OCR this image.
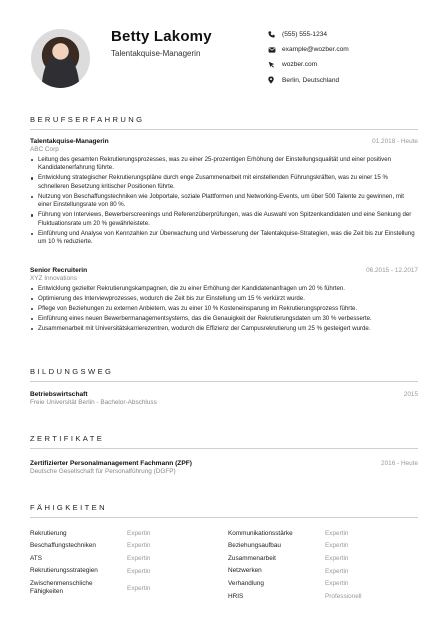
Betty Lakomy
Talentakquise-Managerin
(555) 555-1234
example@wozber.com
wozber.com
Berlin, Deutschland
BERUFSERFAHRUNG
Talentakquise-Managerin	01.2018 - Heute
ABC Corp
Leitung des gesamten Rekrutierungsprozesses, was zu einer 25-prozentigen Erhöhung der Einstellungsqualität und einer positiven Kandidatenerfahrung führte.
Entwicklung strategischer Rekrutierungspläne durch enge Zusammenarbeit mit einstellenden Führungskräften, was zu einer 15 % schnelleren Besetzung kritischer Positionen führte.
Nutzung von Beschaffungstechniken wie Jobportale, soziale Plattformen und Networking-Events, um über 500 Talente zu gewinnen, mit einer Einstellungsrate von 80 %.
Führung von Interviews, Bewerberscreenings und Referenzüberprüfungen, was die Auswahl von Spitzenkandidaten und eine Senkung der Fluktuationsrate um 20 % gewährleistete.
Einführung und Analyse von Kennzahlen zur Überwachung und Verbesserung der Talentakquise-Strategien, was die Zeit bis zur Einstellung um 10 % reduzierte.
Senior Recruiterin	06.2015 - 12.2017
XYZ Innovations
Entwicklung gezielter Rekrutierungskampagnen, die zu einer Erhöhung der Kandidatenanfragen um 20 % führten.
Optimierung des Interviewprozesses, wodurch die Zeit bis zur Einstellung um 15 % verkürzt wurde.
Pflege von Beziehungen zu externen Anbietern, was zu einer 10 % Kosteneinsparung im Rekrutierungsprozess führte.
Einführung eines neuen Bewerbermanagementsystems, das die Genauigkeit der Rekrutierungsdaten um 30 % verbesserte.
Zusammenarbeit mit Universitätskarrierezentren, wodurch die Effizienz der Campusrekrutierung um 25 % gesteigert wurde.
BILDUNGSWEG
Betriebswirtschaft	2015
Freie Universität Berlin - Bachelor-Abschluss
ZERTIFIKATE
Zertifizierter Personalmanagement Fachmann (ZPF)	2016 - Heute
Deutsche Gesellschaft für Personalführung (DGFP)
FÄHIGKEITEN
Rekrutierung	Expertin
Beschaffungstechniken	Expertin
ATS	Expertin
Rekrutierungsstrategien	Expertin
Zwischenmenschliche Fähigkeiten	Expertin
Kommunikationsstärke	Expertin
Beziehungsaufbau	Expertin
Zusammenarbeit	Expertin
Netzwerken	Expertin
Verhandlung	Expertin
HRIS	Professionell
